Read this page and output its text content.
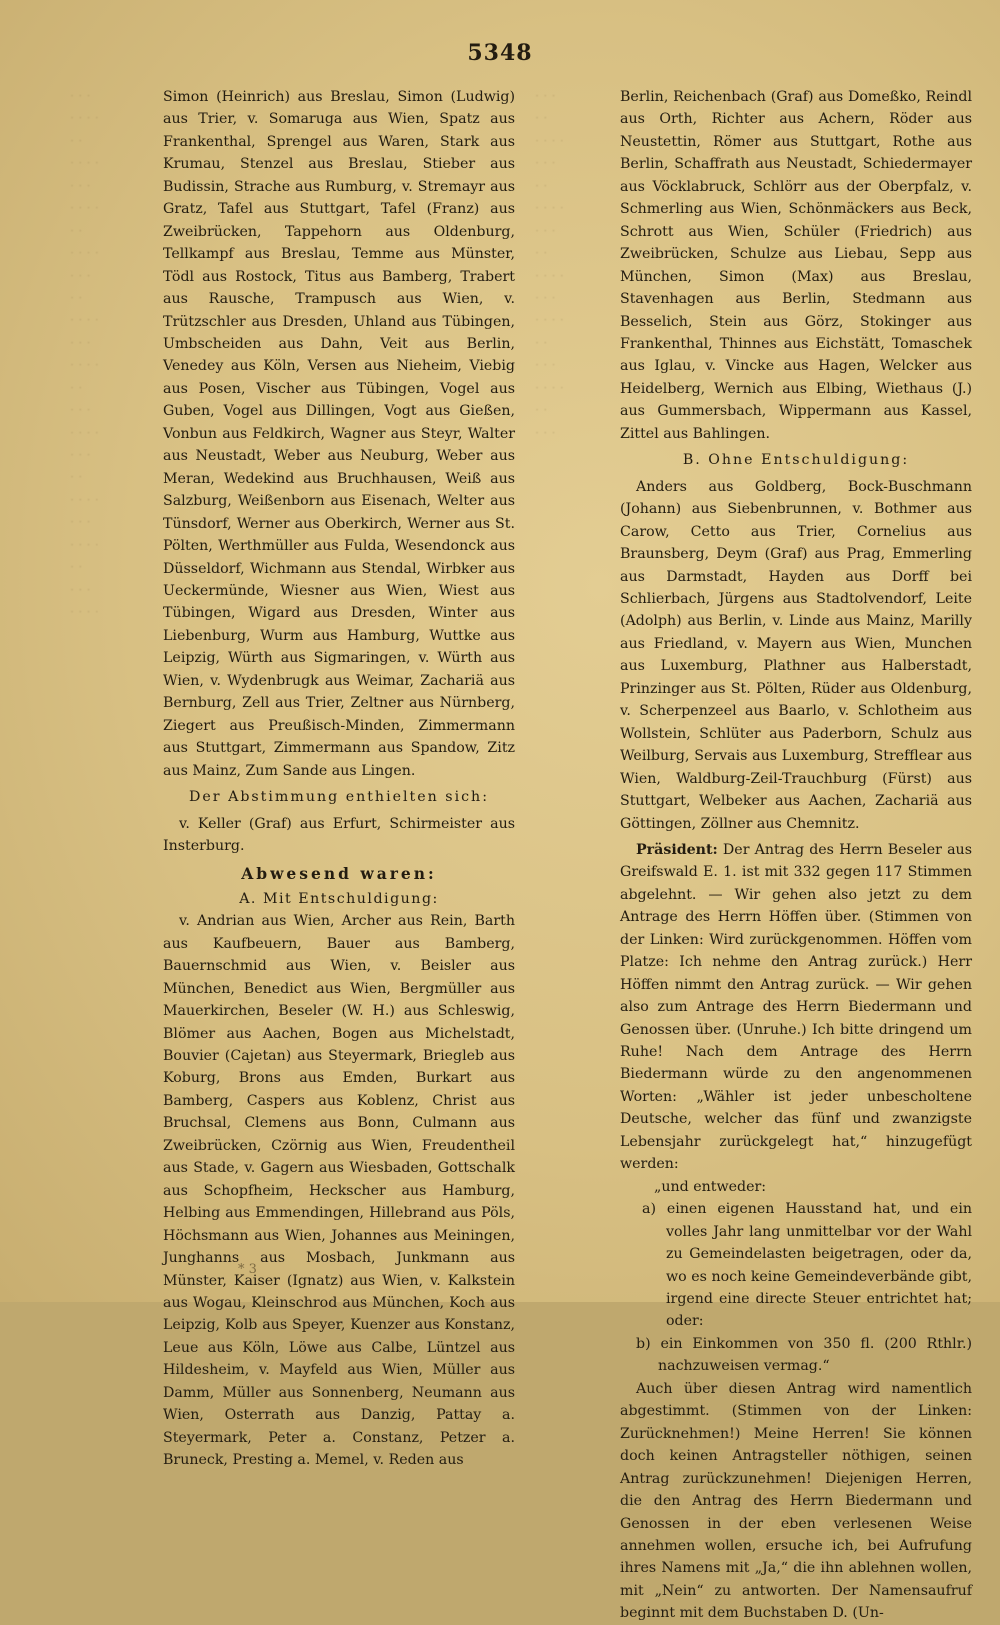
· · ·
· · · ·
· ·
· · · ·
· · ·
· · · ·
· ·
· · · ·
· · ·
· ·
· · · ·
· · ·
· · · ·
· ·
· · ·
· · · ·
· · ·
· ·
· · · ·
· · ·
· · · ·
· ·
· · ·
· · · ·
· · ·
· ·
· · · ·
· · ·
· ·
· · · ·
· · ·
· ·
· · · ·
· · ·
· · · ·
· ·
· · ·
· · · ·
· ·
· · ·
5348

Simon (Heinrich) aus Breslau, Simon (Ludwig) aus Trier, v. Somaruga aus Wien, Spatz aus Frankenthal, Sprengel aus Waren, Stark aus Krumau, Stenzel aus Breslau, Stieber aus Budissin, Strache aus Rumburg, v. Stremayr aus Gratz, Tafel aus Stuttgart, Tafel (Franz) aus Zweibrücken, Tappehorn aus Oldenburg, Tellkampf aus Breslau, Temme aus Münster, Tödl aus Rostock, Titus aus Bamberg, Trabert aus Rausche, Trampusch aus Wien, v. Trützschler aus Dresden, Uhland aus Tübingen, Umbscheiden aus Dahn, Veit aus Berlin, Venedey aus Köln, Versen aus Nieheim, Viebig aus Posen, Vischer aus Tübingen, Vogel aus Guben, Vogel aus Dillingen, Vogt aus Gießen, Vonbun aus Feldkirch, Wagner aus Steyr, Walter aus Neustadt, Weber aus Neuburg, Weber aus Meran, Wedekind aus Bruchhausen, Weiß aus Salzburg, Weißenborn aus Eisenach, Welter aus Tünsdorf, Werner aus Oberkirch, Werner aus St. Pölten, Werthmüller aus Fulda, Wesendonck aus Düsseldorf, Wichmann aus Stendal, Wirbker aus Ueckermünde, Wiesner aus Wien, Wiest aus Tübingen, Wigard aus Dresden, Winter aus Liebenburg, Wurm aus Hamburg, Wuttke aus Leipzig, Würth aus Sigmaringen, v. Würth aus Wien, v. Wydenbrugk aus Weimar, Zachariä aus Bernburg, Zell aus Trier, Zeltner aus Nürnberg, Ziegert aus Preußisch-Minden, Zimmermann aus Stuttgart, Zimmermann aus Spandow, Zitz aus Mainz, Zum Sande aus Lingen.

Der Abstimmung enthielten sich:

v. Keller (Graf) aus Erfurt, Schirmeister aus Insterburg.

Abwesend waren:

A. Mit Entschuldigung:

v. Andrian aus Wien, Archer aus Rein, Barth aus Kaufbeuern, Bauer aus Bamberg, Bauernschmid aus Wien, v. Beisler aus München, Benedict aus Wien, Bergmüller aus Mauerkirchen, Beseler (W. H.) aus Schleswig, Blömer aus Aachen, Bogen aus Michelstadt, Bouvier (Cajetan) aus Steyermark, Briegleb aus Koburg, Brons aus Emden, Burkart aus Bamberg, Caspers aus Koblenz, Christ aus Bruchsal, Clemens aus Bonn, Culmann aus Zweibrücken, Czörnig aus Wien, Freudentheil aus Stade, v. Gagern aus Wiesbaden, Gottschalk aus Schopfheim, Heckscher aus Hamburg, Helbing aus Emmendingen, Hillebrand aus Pöls, Höchsmann aus Wien, Johannes aus Meiningen, Junghanns aus Mosbach, Junkmann aus Münster, Kaiser (Ignatz) aus Wien, v. Kalkstein aus Wogau, Kleinschrod aus München, Koch aus Leipzig, Kolb aus Speyer, Kuenzer aus Konstanz, Leue aus Köln, Löwe aus Calbe, Lüntzel aus Hildesheim, v. Mayfeld aus Wien, Müller aus Damm, Müller aus Sonnenberg, Neumann aus Wien, Osterrath aus Danzig, Pattay a. Steyermark, Peter a. Constanz, Petzer a. Bruneck, Presting a. Memel, v. Reden aus

Berlin, Reichenbach (Graf) aus Domeßko, Reindl aus Orth, Richter aus Achern, Röder aus Neustettin, Römer aus Stuttgart, Rothe aus Berlin, Schaffrath aus Neustadt, Schiedermayer aus Vöcklabruck, Schlörr aus der Oberpfalz, v. Schmerling aus Wien, Schönmäckers aus Beck, Schrott aus Wien, Schüler (Friedrich) aus Zweibrücken, Schulze aus Liebau, Sepp aus München, Simon (Max) aus Breslau, Stavenhagen aus Berlin, Stedmann aus Besselich, Stein aus Görz, Stokinger aus Frankenthal, Thinnes aus Eichstätt, Tomaschek aus Iglau, v. Vincke aus Hagen, Welcker aus Heidelberg, Wernich aus Elbing, Wiethaus (J.) aus Gummersbach, Wippermann aus Kassel, Zittel aus Bahlingen.

B. Ohne Entschuldigung:

Anders aus Goldberg, Bock-Buschmann (Johann) aus Siebenbrunnen, v. Bothmer aus Carow, Cetto aus Trier, Cornelius aus Braunsberg, Deym (Graf) aus Prag, Emmerling aus Darmstadt, Hayden aus Dorff bei Schlierbach, Jürgens aus Stadtolvendorf, Leite (Adolph) aus Berlin, v. Linde aus Mainz, Marilly aus Friedland, v. Mayern aus Wien, Munchen aus Luxemburg, Plathner aus Halberstadt, Prinzinger aus St. Pölten, Rüder aus Oldenburg, v. Scherpenzeel aus Baarlo, v. Schlotheim aus Wollstein, Schlüter aus Paderborn, Schulz aus Weilburg, Servais aus Luxemburg, Strefflear aus Wien, Waldburg-Zeil-Trauchburg (Fürst) aus Stuttgart, Welbeker aus Aachen, Zachariä aus Göttingen, Zöllner aus Chemnitz.

Präsident: Der Antrag des Herrn Beseler aus Greifswald E. 1. ist mit 332 gegen 117 Stimmen abgelehnt. — Wir gehen also jetzt zu dem Antrage des Herrn Höffen über. (Stimmen von der Linken: Wird zurückgenommen. Höffen vom Platze: Ich nehme den Antrag zurück.) Herr Höffen nimmt den Antrag zurück. — Wir gehen also zum Antrage des Herrn Biedermann und Genossen über. (Unruhe.) Ich bitte dringend um Ruhe! Nach dem Antrage des Herrn Biedermann würde zu den angenommenen Worten: „Wähler ist jeder unbescholtene Deutsche, welcher das fünf und zwanzigste Lebensjahr zurückgelegt hat,“ hinzugefügt werden:

„und entweder:

a) einen eigenen Hausstand hat, und ein volles Jahr lang unmittelbar vor der Wahl zu Gemeindelasten beigetragen, oder da, wo es noch keine Gemeindeverbände gibt, irgend eine directe Steuer entrichtet hat; oder:

b) ein Einkommen von 350 fl. (200 Rthlr.) nachzuweisen vermag.“

Auch über diesen Antrag wird namentlich abgestimmt. (Stimmen von der Linken: Zurücknehmen!) Meine Herren! Sie können doch keinen Antragsteller nöthigen, seinen Antrag zurückzunehmen! Diejenigen Herren, die den Antrag des Herrn Biedermann und Genossen in der eben verlesenen Weise annehmen wollen, ersuche ich, bei Aufrufung ihres Namens mit „Ja,“ die ihn ablehnen wollen, mit „Nein“ zu antworten. Der Namensaufruf beginnt mit dem Buchstaben D. (Un-

* 3
